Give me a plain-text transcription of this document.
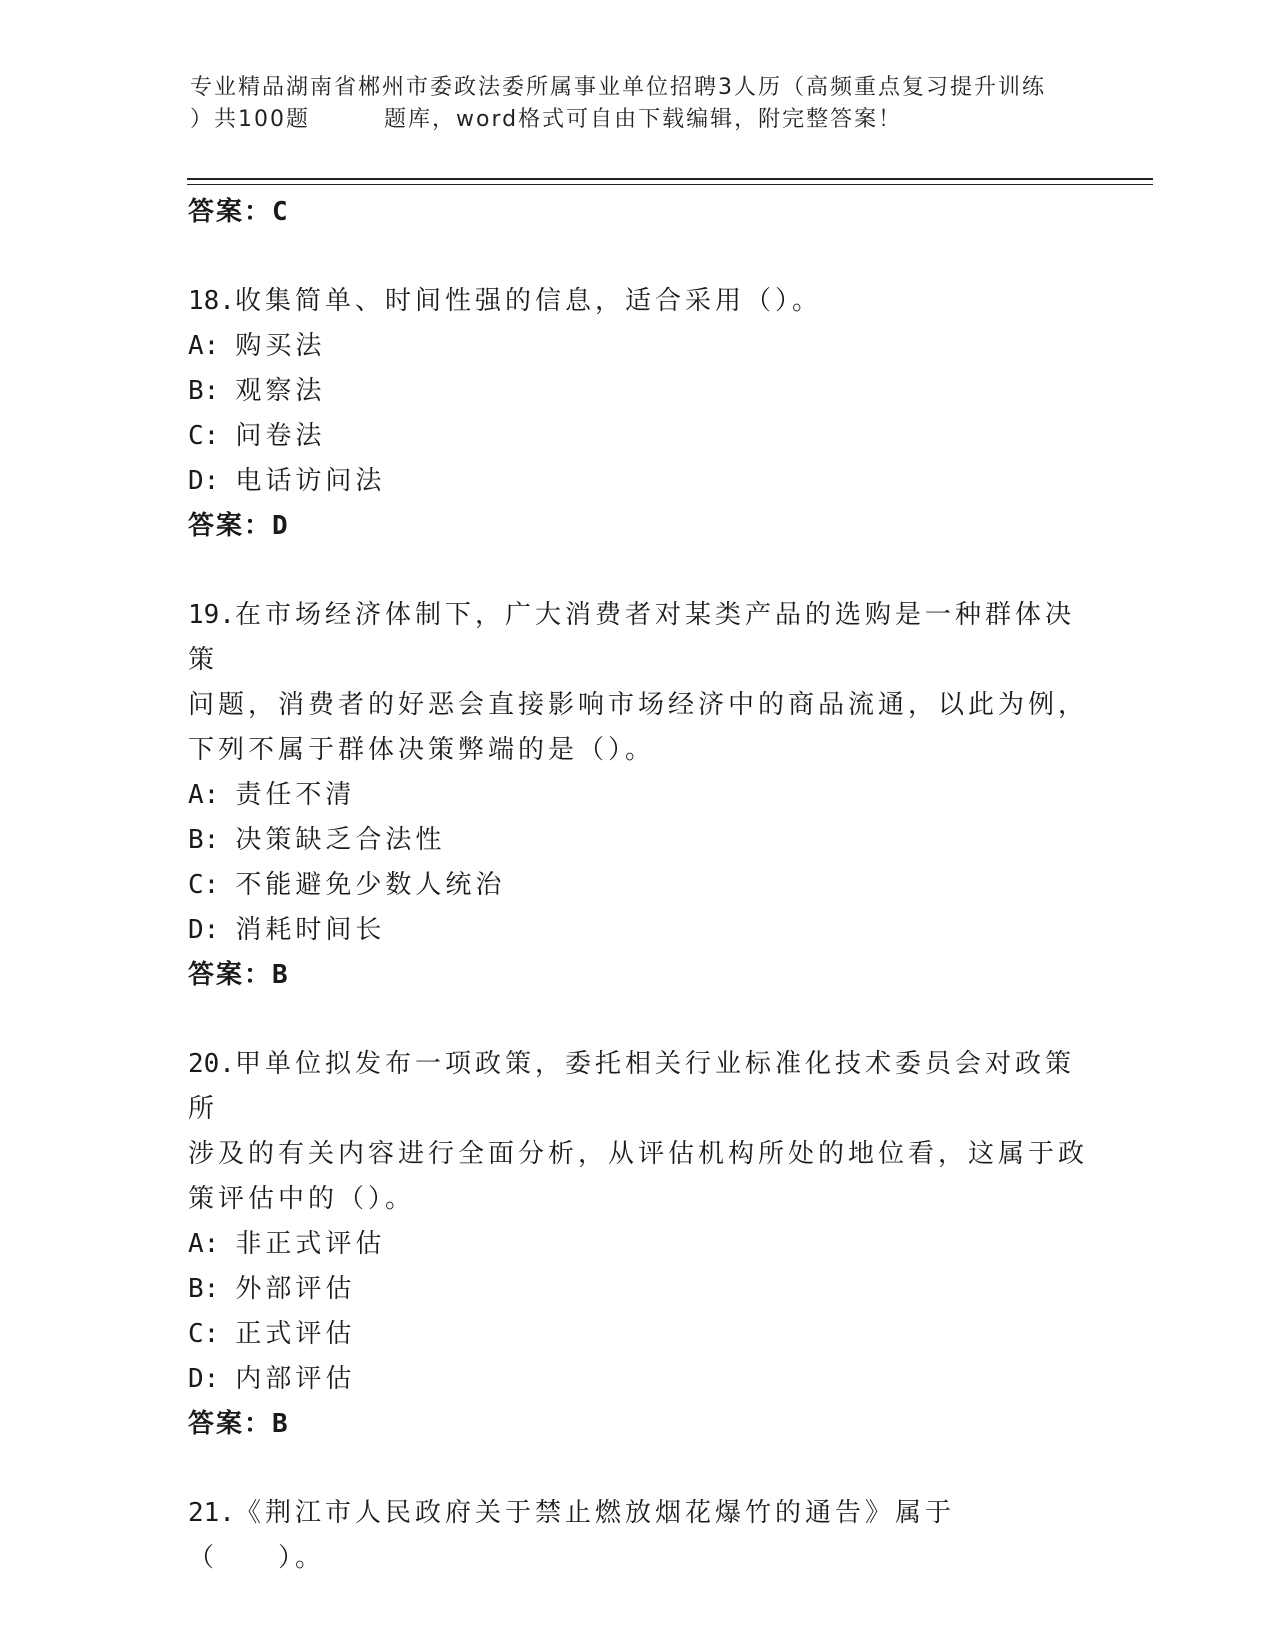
专业精品湖南省郴州市委政法委所属事业单位招聘3人历（高频重点复习提升训练
）共100题	题库，word格式可自由下载编辑，附完整答案！
答案：C
18.收集简单、时间性强的信息，适合采用（）。
A: 购买法
B: 观察法
C: 问卷法
D: 电话访问法
答案：D
19.在市场经济体制下，广大消费者对某类产品的选购是一种群体决策
问题，消费者的好恶会直接影响市场经济中的商品流通，以此为例，
下列不属于群体决策弊端的是（）。
A: 责任不清
B: 决策缺乏合法性
C: 不能避免少数人统治
D: 消耗时间长
答案：B
20.甲单位拟发布一项政策，委托相关行业标准化技术委员会对政策所
涉及的有关内容进行全面分析，从评估机构所处的地位看，这属于政
策评估中的（）。
A: 非正式评估
B: 外部评估
C: 正式评估
D: 内部评估
答案：B
21.《荆江市人民政府关于禁止燃放烟花爆竹的通告》属于（　　）。
